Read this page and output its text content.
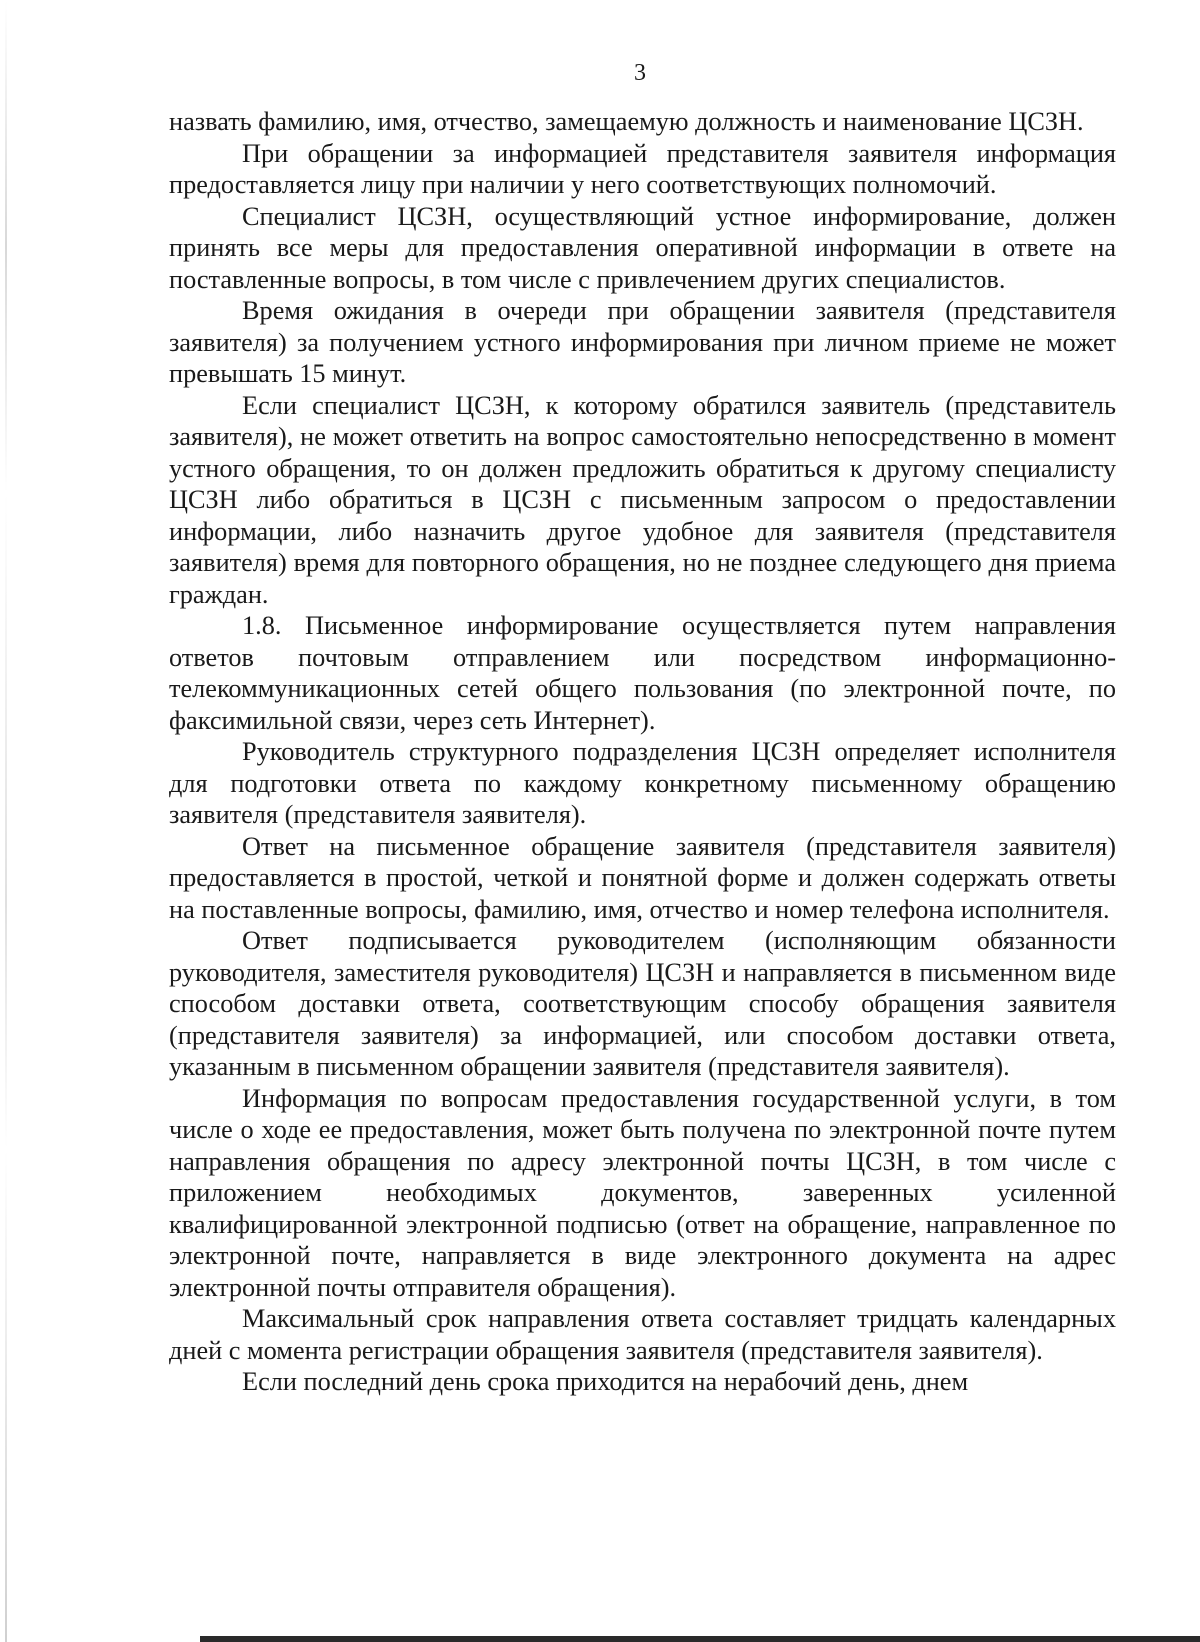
3

назвать фамилию, имя, отчество, замещаемую должность и наименование ЦСЗН.

При обращении за информацией представителя заявителя информация предоставляется лицу при наличии у него соответствующих полномочий.

Специалист ЦСЗН, осуществляющий устное информирование, должен принять все меры для предоставления оперативной информации в ответе на поставленные вопросы, в том числе с привлечением других специалистов.

Время ожидания в очереди при обращении заявителя (представителя заявителя) за получением устного информирования при личном приеме не может превышать 15 минут.

Если специалист ЦСЗН, к которому обратился заявитель (представитель заявителя), не может ответить на вопрос самостоятельно непосредственно в момент устного обращения, то он должен предложить обратиться к другому специалисту ЦСЗН либо обратиться в ЦСЗН с письменным запросом о предоставлении информации, либо назначить другое удобное для заявителя (представителя заявителя) время для повторного обращения, но не позднее следующего дня приема граждан.

1.8. Письменное информирование осуществляется путем направления ответов почтовым отправлением или посредством информационно-телекоммуникационных сетей общего пользования (по электронной почте, по факсимильной связи, через сеть Интернет).

Руководитель структурного подразделения ЦСЗН определяет исполнителя для подготовки ответа по каждому конкретному письменному обращению заявителя (представителя заявителя).

Ответ на письменное обращение заявителя (представителя заявителя) предоставляется в простой, четкой и понятной форме и должен содержать ответы на поставленные вопросы, фамилию, имя, отчество и номер телефона исполнителя.

Ответ подписывается руководителем (исполняющим обязанности руководителя, заместителя руководителя) ЦСЗН и направляется в письменном виде способом доставки ответа, соответствующим способу обращения заявителя (представителя заявителя) за информацией, или способом доставки ответа, указанным в письменном обращении заявителя (представителя заявителя).

Информация по вопросам предоставления государственной услуги, в том числе о ходе ее предоставления, может быть получена по электронной почте путем направления обращения по адресу электронной почты ЦСЗН, в том числе с приложением необходимых документов, заверенных усиленной квалифицированной электронной подписью (ответ на обращение, направленное по электронной почте, направляется в виде электронного документа на адрес электронной почты отправителя обращения).

Максимальный срок направления ответа составляет тридцать календарных дней с момента регистрации обращения заявителя (представителя заявителя).

Если последний день срока приходится на нерабочий день, днем
